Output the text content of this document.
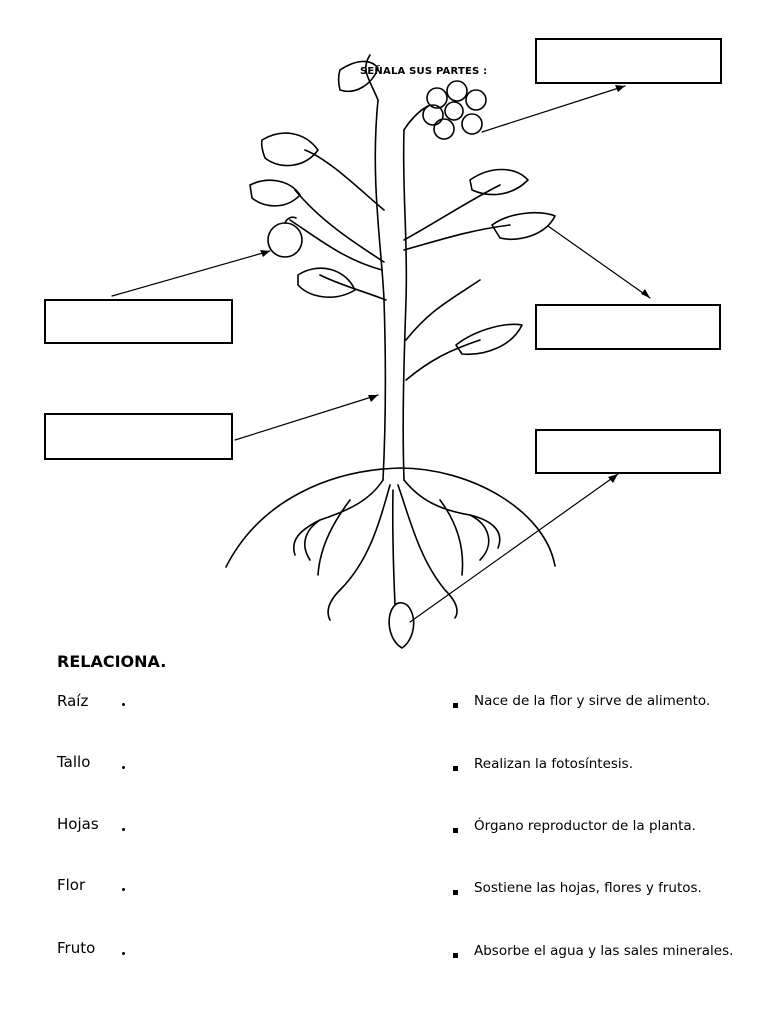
SEÑALA SUS PARTES :
RELACIONA.
Raíz
Tallo
Hojas
Flor
Fruto
Nace de la flor y sirve de alimento.
Realizan la fotosíntesis.
Órgano reproductor de la planta.
Sostiene las hojas, flores y frutos.
Absorbe el agua y las sales minerales.
